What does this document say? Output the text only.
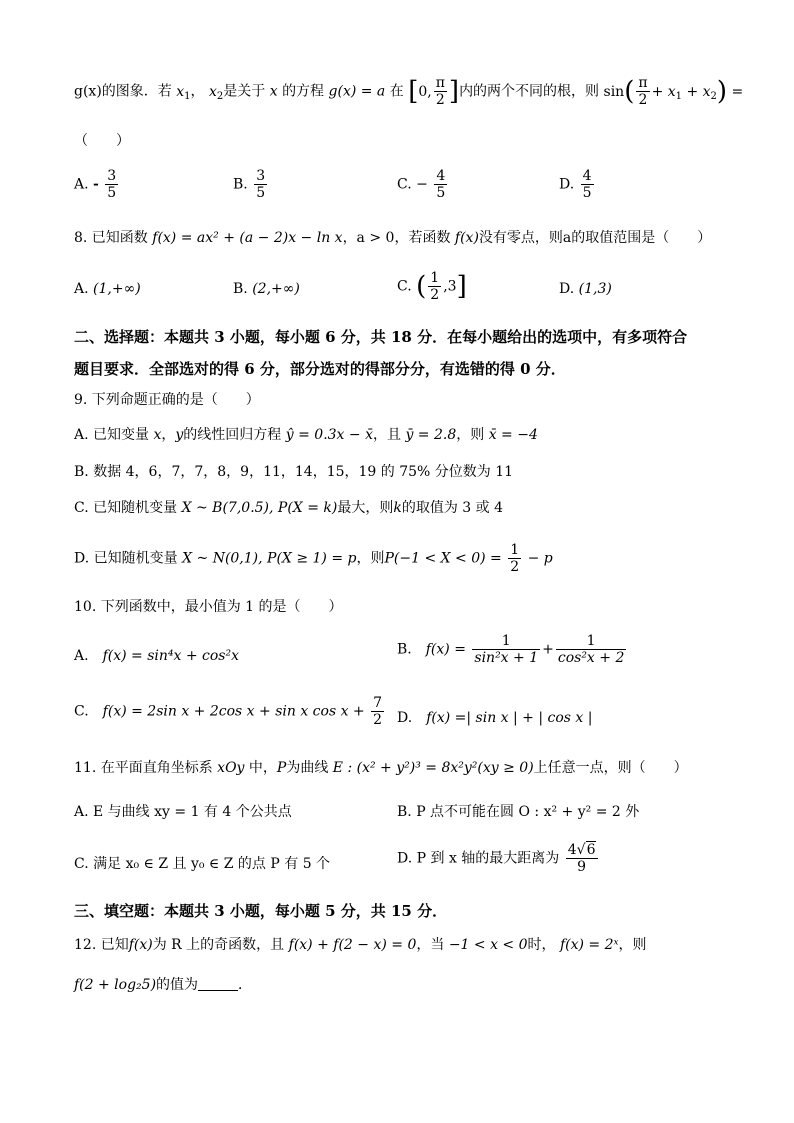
g(x)的图象．若 $x_1$， $x_2$是关于 x 的方程 g(x) = a 在 [0, $\frac{\pi}{2}$ ]内的两个不同的根，则 $\sin( \frac{\pi}{2} + x_1 + x_2)$ =
（　　）
A. - $\frac{3}{5}$	B. $\frac{3}{5}$	C. − $\frac{4}{5}$	D. $\frac{4}{5}$
8. 已知函数 f(x) = ax² + (a − 2)x − ln x，a > 0，若函数 f(x)没有零点，则a的取值范围是（　　）
A. (1,+∞)	B. (2,+∞)	C. ( $\frac{1}{2} ,3$]	D. (1,3)
二、选择题：本题共 3 小题，每小题 6 分，共 18 分．在每小题给出的选项中，有多项符合
题目要求．全部选对的得 6 分，部分选对的得部分分，有选错的得 0 分．
9. 下列命题正确的是（　　）
A. 已知变量 x，y的线性回归方程 ŷ = 0.3x − x̄，且 ȳ = 2.8，则 x̄ = −4
B. 数据 4，6，7，7，8，9，11，14，15，19 的 75% 分位数为 11
C. 已知随机变量 X ~ B(7,0.5), P(X = k)最大，则k的取值为 3 或 4
D. 已知随机变量 X ~ N(0,1), P(X ≥ 1) = p，则$P(-1 < X < 0) = \frac{1}{2} - p$
10. 下列函数中，最小值为 1 的是（　　）
A.　 f(x) = sin⁴x + cos²x	B.　 $f(x) = \frac{1}{\text{sin²x + 1}} + \frac{1}{\text{cos²x + 2}}$
C.　 f(x) = 2sin x + 2cos x + sin x $\cos x + \frac{7}{2} D$.　 f(x) =| sin x | + | cos x |
11. 在平面直角坐标系 xOy 中，P为曲线 E : (x² + y²)³ = 8x²y²(xy ≥ 0)上任意一点，则（　　）
A. E 与曲线 xy = 1 有 4 个公共点	B. P 点不可能在圆 O : x² + y² = 2 外
C. 满足 x₀ ∈ Z 且 y₀ ∈ Z 的点 P 有 5 个	D. P 到 x 轴的最大距离为 $\frac{4√6}{9}$
三、填空题：本题共 3 小题，每小题 5 分，共 15 分．
12. 已知f(x)为 R 上的奇函数，且 f(x) + f(2 − x) = 0，当 −1 < x < 0时， f(x) = 2ˣ，则
f(2 + log₂5)的值为	．
